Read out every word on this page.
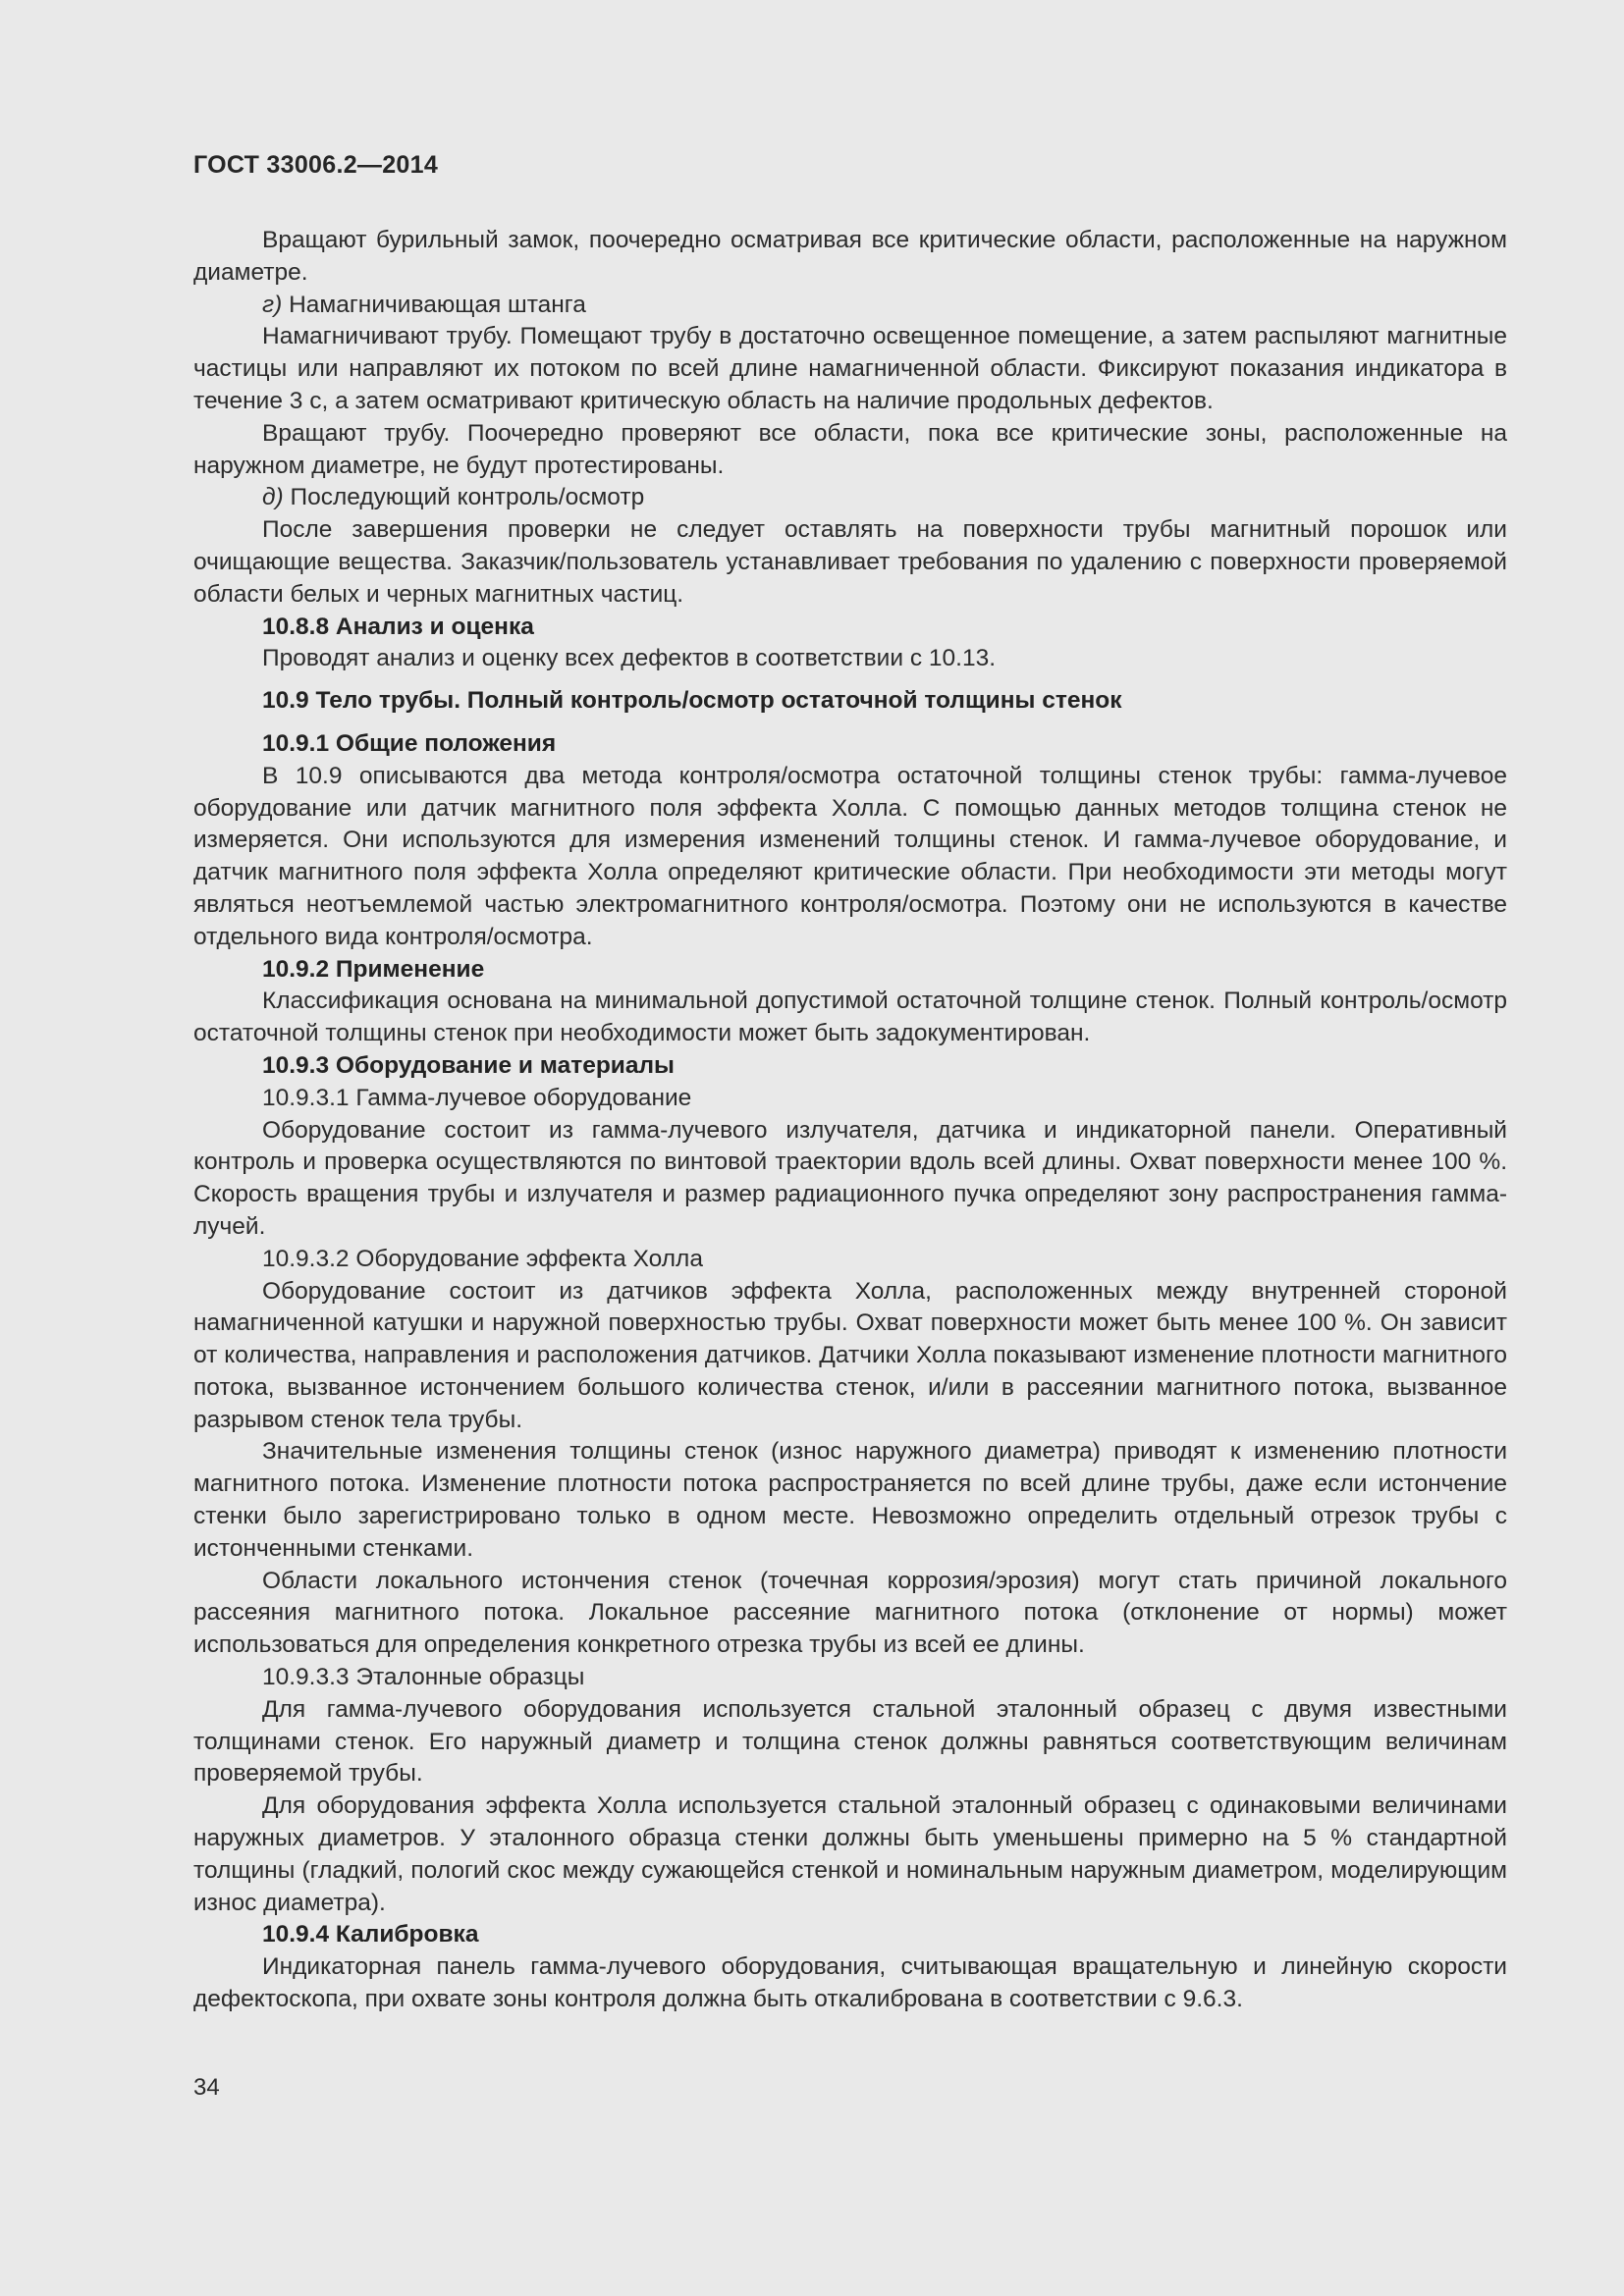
ГОСТ 33006.2—2014

Вращают бурильный замок, поочередно осматривая все критические области, расположенные на наружном диаметре.

г) Намагничивающая штанга

Намагничивают трубу. Помещают трубу в достаточно освещенное помещение, а затем распыляют магнитные частицы или направляют их потоком по всей длине намагниченной области. Фиксируют показания индикатора в течение 3 с, а затем осматривают критическую область на наличие продольных дефектов.

Вращают трубу. Поочередно проверяют все области, пока все критические зоны, расположенные на наружном диаметре, не будут протестированы.

д) Последующий контроль/осмотр

После завершения проверки не следует оставлять на поверхности трубы магнитный порошок или очищающие вещества. Заказчик/пользователь устанавливает требования по удалению с поверхности проверяемой области белых и черных магнитных частиц.

10.8.8 Анализ и оценка

Проводят анализ и оценку всех дефектов в соответствии с 10.13.

10.9 Тело трубы. Полный контроль/осмотр остаточной толщины стенок

10.9.1 Общие положения

В 10.9 описываются два метода контроля/осмотра остаточной толщины стенок трубы: гамма-лучевое оборудование или датчик магнитного поля эффекта Холла. С помощью данных методов толщина стенок не измеряется. Они используются для измерения изменений толщины стенок. И гамма-лучевое оборудование, и датчик магнитного поля эффекта Холла определяют критические области. При необходимости эти методы могут являться неотъемлемой частью электромагнитного контроля/осмотра. Поэтому они не используются в качестве отдельного вида контроля/осмотра.

10.9.2 Применение

Классификация основана на минимальной допустимой остаточной толщине стенок. Полный контроль/осмотр остаточной толщины стенок при необходимости может быть задокументирован.

10.9.3 Оборудование и материалы

10.9.3.1 Гамма-лучевое оборудование

Оборудование состоит из гамма-лучевого излучателя, датчика и индикаторной панели. Оперативный контроль и проверка осуществляются по винтовой траектории вдоль всей длины. Охват поверхности менее 100 %. Скорость вращения трубы и излучателя и размер радиационного пучка определяют зону распространения гамма-лучей.

10.9.3.2 Оборудование эффекта Холла

Оборудование состоит из датчиков эффекта Холла, расположенных между внутренней стороной намагниченной катушки и наружной поверхностью трубы. Охват поверхности может быть менее 100 %. Он зависит от количества, направления и расположения датчиков. Датчики Холла показывают изменение плотности магнитного потока, вызванное истончением большого количества стенок, и/или в рассеянии магнитного потока, вызванное разрывом стенок тела трубы.

Значительные изменения толщины стенок (износ наружного диаметра) приводят к изменению плотности магнитного потока. Изменение плотности потока распространяется по всей длине трубы, даже если истончение стенки было зарегистрировано только в одном месте. Невозможно определить отдельный отрезок трубы с истонченными стенками.

Области локального истончения стенок (точечная коррозия/эрозия) могут стать причиной локального рассеяния магнитного потока. Локальное рассеяние магнитного потока (отклонение от нормы) может использоваться для определения конкретного отрезка трубы из всей ее длины.

10.9.3.3 Эталонные образцы

Для гамма-лучевого оборудования используется стальной эталонный образец с двумя известными толщинами стенок. Его наружный диаметр и толщина стенок должны равняться соответствующим величинам проверяемой трубы.

Для оборудования эффекта Холла используется стальной эталонный образец с одинаковыми величинами наружных диаметров. У эталонного образца стенки должны быть уменьшены примерно на 5 % стандартной толщины (гладкий, пологий скос между сужающейся стенкой и номинальным наружным диаметром, моделирующим износ диаметра).

10.9.4 Калибровка

Индикаторная панель гамма-лучевого оборудования, считывающая вращательную и линейную скорости дефектоскопа, при охвате зоны контроля должна быть откалибрована в соответствии с 9.6.3.

34
